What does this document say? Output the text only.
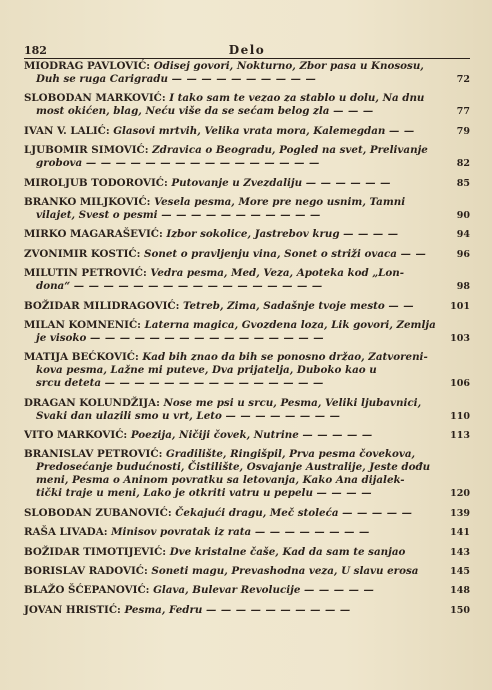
182	Delo
MIODRAG PAVLOVIĆ: Odisej govori, Nokturno, Zbor pasa u Knososu,
Duh se ruga Carigradu — — — — — — — — — —	72
SLOBODAN MARKOVIĆ: I tako sam te vezao za stablo u dolu, Na dnu
most okićen, blag, Neću više da se sećam belog zla — — —	77
IVAN V. LALIĆ: Glasovi mrtvih, Velika vrata mora, Kalemegdan — —	79
LJUBOMIR SIMOVIĆ: Zdravica o Beogradu, Pogled na svet, Prelivanje
grobova — — — — — — — — — — — — — — — —	82
MIROLJUB TODOROVIĆ: Putovanje u Zvezdaliju — — — — — —	85
BRANKO MILJKOVIĆ: Vesela pesma, More pre nego usnim, Tamni
vilajet, Svest o pesmi — — — — — — — — — — —	90
MIRKO MAGARAŠEVIĆ: Izbor sokolice, Jastrebov krug — — — —	94
ZVONIMIR KOSTIĆ: Sonet o pravljenju vina, Sonet o striži ovaca — —	96
MILUTIN PETROVIĆ: Vedra pesma, Med, Veza, Apoteka kod „Lon-
dona“ — — — — — — — — — — — — — — — — —	98
BOŽIDAR MILIDRAGOVIĆ: Tetreb, Zima, Sadašnje tvoje mesto — —	101
MILAN KOMNENIĆ: Laterna magica, Gvozdena loza, Lik govori, Zemlja
je visoko — — — — — — — — — — — — — — — —	103
MATIJA BEĆKOVIĆ: Kad bih znao da bih se ponosno držao, Zatvoreni-
kova pesma, Lažne mi puteve, Dva prijatelja, Duboko kao u
srcu deteta — — — — — — — — — — — — — — —	106
DRAGAN KOLUNDŽIJA: Nose me psi u srcu, Pesma, Veliki ljubavnici,
Svaki dan ulazili smo u vrt, Leto — — — — — — — —	110
VITO MARKOVIĆ: Poezija, Ničiji čovek, Nutrine — — — — —	113
BRANISLAV PETROVIĆ: Gradilište, Ringišpil, Prva pesma čovekova,
Predosećanje budućnosti, Čistilište, Osvajanje Australije, Jeste dođu
meni, Pesma o Aninom povratku sa letovanja, Kako Ana dijalek-
tički traje u meni, Lako je otkriti vatru u pepelu — — — —	120
SLOBODAN ZUBANOVIĆ: Čekajući dragu, Meč stoleća — — — — —	139
RAŠA LIVADA: Minisov povratak iz rata — — — — — — — —	141
BOŽIDAR TIMOTIJEVIĆ: Dve kristalne čaše, Kad da sam te sanjao	143
BORISLAV RADOVIĆ: Soneti magu, Prevashodna veza, U slavu erosa	145
BLAŽO ŠĆEPANOVIĆ: Glava, Bulevar Revolucije — — — — —	148
JOVAN HRISTIĆ: Pesma, Fedru — — — — — — — — — —	150
